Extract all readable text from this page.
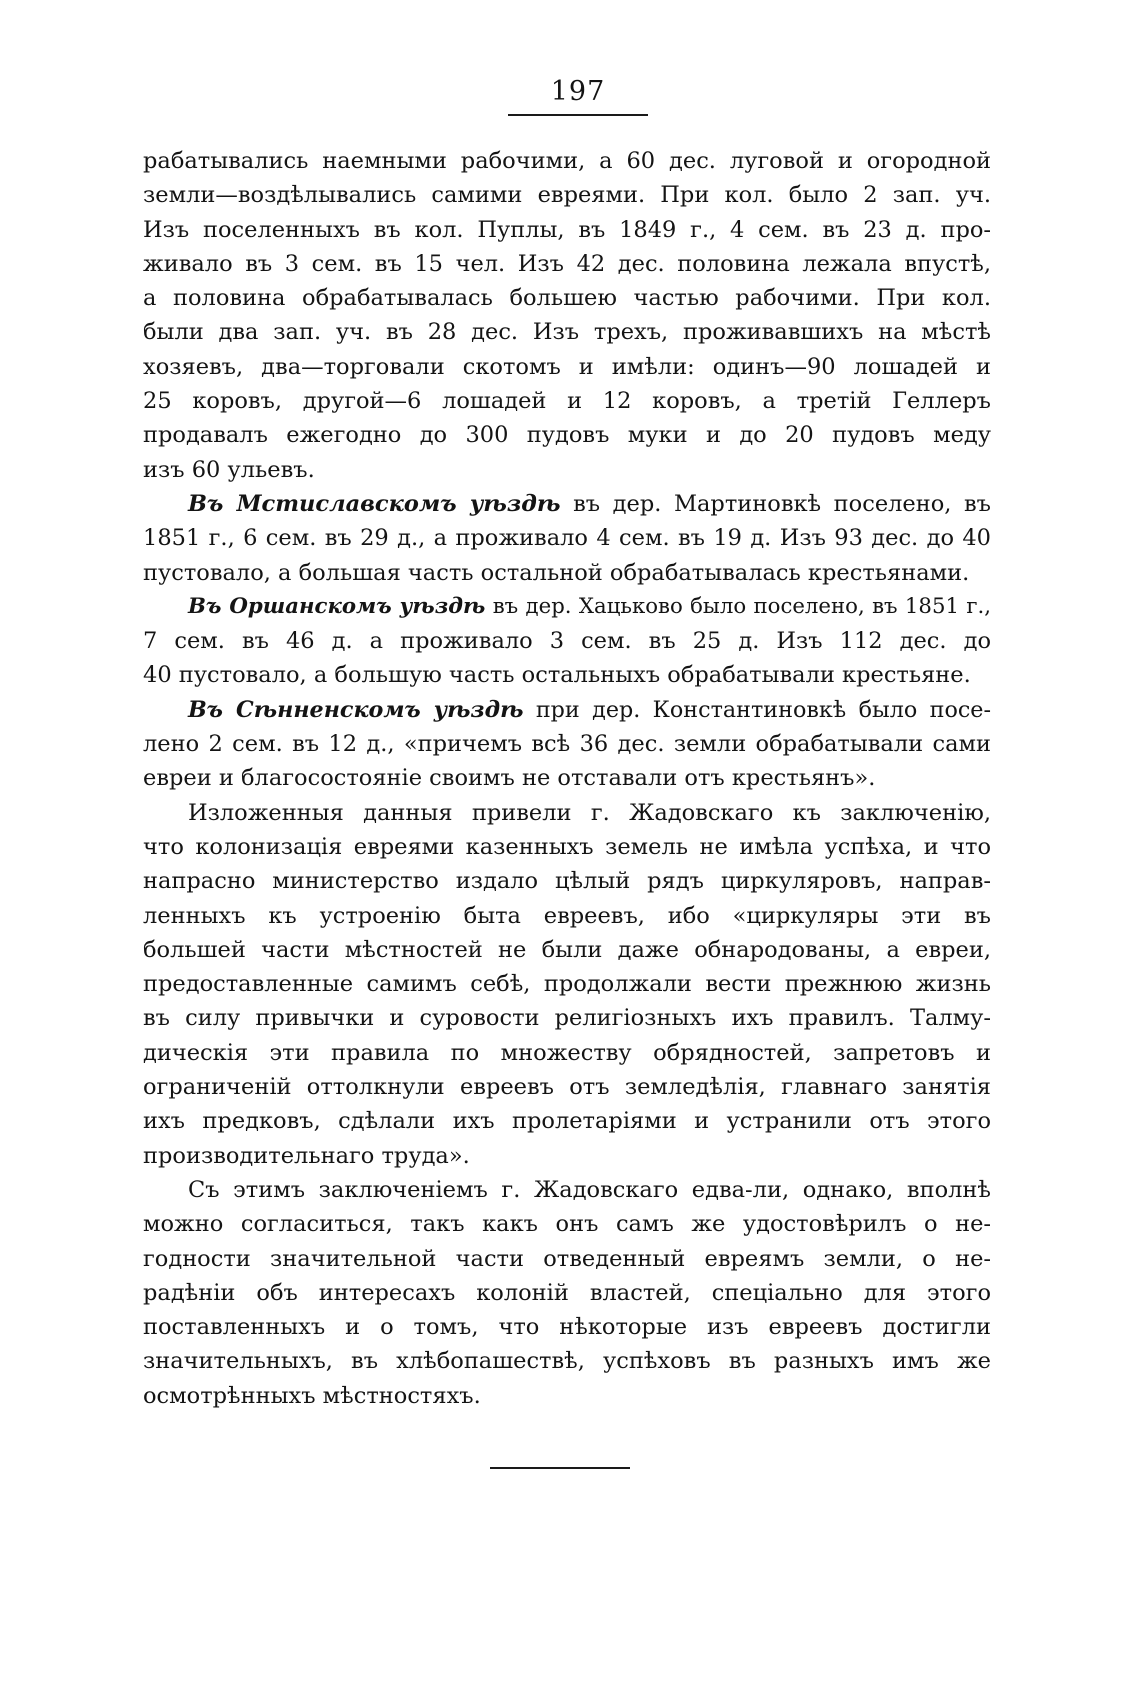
197
рабатывались наемными рабочими, а 60 дес. луговой и огородной
земли—воздѣлывались самими евреями. При кол. было 2 зап. уч.
Изъ поселенныхъ въ кол. Пуплы, въ 1849 г., 4 сем. въ 23 д. про-
живало въ 3 сем. въ 15 чел. Изъ 42 дес. половина лежала впустѣ,
а половина обрабатывалась большею частью рабочими. При кол.
были два зап. уч. въ 28 дес. Изъ трехъ, проживавшихъ на мѣстѣ
хозяевъ, два—торговали скотомъ и имѣли: одинъ—90 лошадей и
25 коровъ, другой—6 лошадей и 12 коровъ, а третій Геллеръ
продавалъ ежегодно до 300 пудовъ муки и до 20 пудовъ меду
изъ 60 ульевъ.
Въ Мстиславскомъ уѣздѣ въ дер. Мартиновкѣ поселено, въ
1851 г., 6 сем. въ 29 д., а проживало 4 сем. въ 19 д. Изъ 93 дес. до 40
пустовало, а большая часть остальной обрабатывалась крестьянами.
Въ Оршанскомъ уѣздѣ въ дер. Хацьково было поселено, въ 1851 г.,
7 сем. въ 46 д. а проживало 3 сем. въ 25 д. Изъ 112 дес. до
40 пустовало, а большую часть остальныхъ обрабатывали крестьяне.
Въ Сѣнненскомъ уѣздѣ при дер. Константиновкѣ было посе-
лено 2 сем. въ 12 д., «причемъ всѣ 36 дес. земли обрабатывали сами
евреи и благосостояніе своимъ не отставали отъ крестьянъ».
Изложенныя данныя привели г. Жадовскаго къ заключенію,
что колонизація евреями казенныхъ земель не имѣла успѣха, и что
напрасно министерство издало цѣлый рядъ циркуляровъ, направ-
ленныхъ къ устроенію быта евреевъ, ибо «циркуляры эти въ
большей части мѣстностей не были даже обнародованы, а евреи,
предоставленные самимъ себѣ, продолжали вести прежнюю жизнь
въ силу привычки и суровости религіозныхъ ихъ правилъ. Талму-
дическія эти правила по множеству обрядностей, запретовъ и
ограниченій оттолкнули евреевъ отъ земледѣлія, главнаго занятія
ихъ предковъ, сдѣлали ихъ пролетаріями и устранили отъ этого
производительнаго труда».
Съ этимъ заключеніемъ г. Жадовскаго едва-ли, однако, вполнѣ
можно согласиться, такъ какъ онъ самъ же удостовѣрилъ о не-
годности значительной части отведенный евреямъ земли, о не-
радѣніи объ интересахъ колоній властей, спеціально для этого
поставленныхъ и о томъ, что нѣкоторые изъ евреевъ достигли
значительныхъ, въ хлѣбопашествѣ, успѣховъ въ разныхъ имъ же
осмотрѣнныхъ мѣстностяхъ.
